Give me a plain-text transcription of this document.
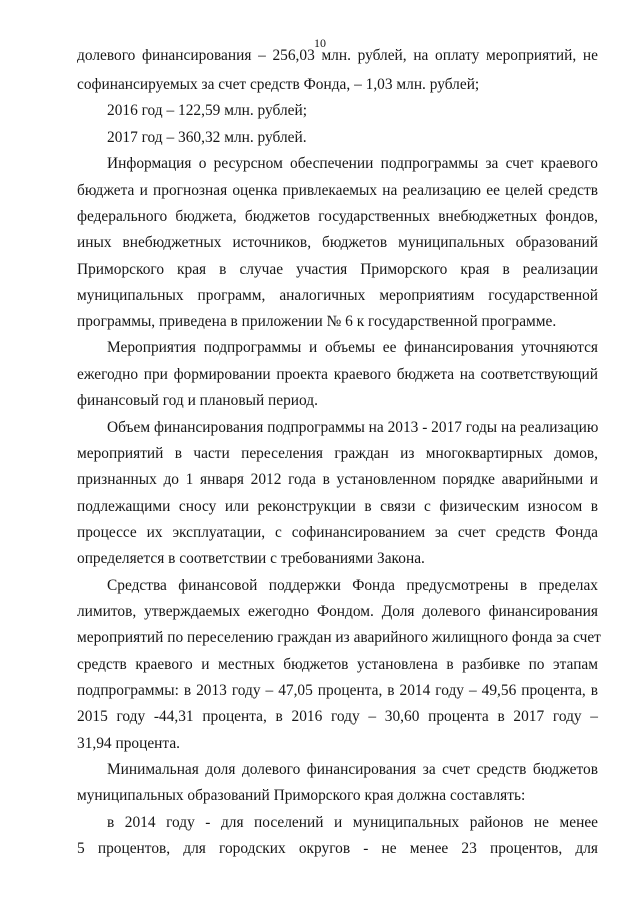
10
долевого финансирования – 256,03 млн. рублей, на оплату мероприятий, не
софинансируемых за счет средств Фонда, – 1,03 млн. рублей;
2016 год – 122,59 млн. рублей;
2017 год – 360,32 млн. рублей.
Информация о ресурсном обеспечении подпрограммы за счет краевого
бюджета и прогнозная оценка привлекаемых на реализацию ее целей средств
федерального бюджета, бюджетов государственных внебюджетных фондов,
иных внебюджетных источников, бюджетов муниципальных образований
Приморского края в случае участия Приморского края в реализации
муниципальных программ, аналогичных мероприятиям государственной
программы, приведена в приложении № 6 к государственной программе.
Мероприятия подпрограммы и объемы ее финансирования уточняются
ежегодно при формировании проекта краевого бюджета на соответствующий
финансовый год и плановый период.
Объем финансирования подпрограммы на 2013 - 2017 годы на реализацию
мероприятий в части переселения граждан из многоквартирных домов,
признанных до 1 января 2012 года в установленном порядке аварийными и
подлежащими сносу или реконструкции в связи с физическим износом в
процессе их эксплуатации, с софинансированием за счет средств Фонда
определяется в соответствии с требованиями Закона.
Средства финансовой поддержки Фонда предусмотрены в пределах
лимитов, утверждаемых ежегодно Фондом. Доля долевого финансирования
мероприятий по переселению граждан из аварийного жилищного фонда за счет
средств краевого и местных бюджетов установлена в разбивке по этапам
подпрограммы: в 2013 году – 47,05 процента, в 2014 году – 49,56 процента, в
2015 году -44,31 процента, в 2016 году – 30,60 процента в 2017 году –
31,94 процента.
Минимальная доля долевого финансирования за счет средств бюджетов
муниципальных образований Приморского края должна составлять:
в 2014 году - для поселений и муниципальных районов не менее
5 процентов, для городских округов - не менее 23 процентов, для
